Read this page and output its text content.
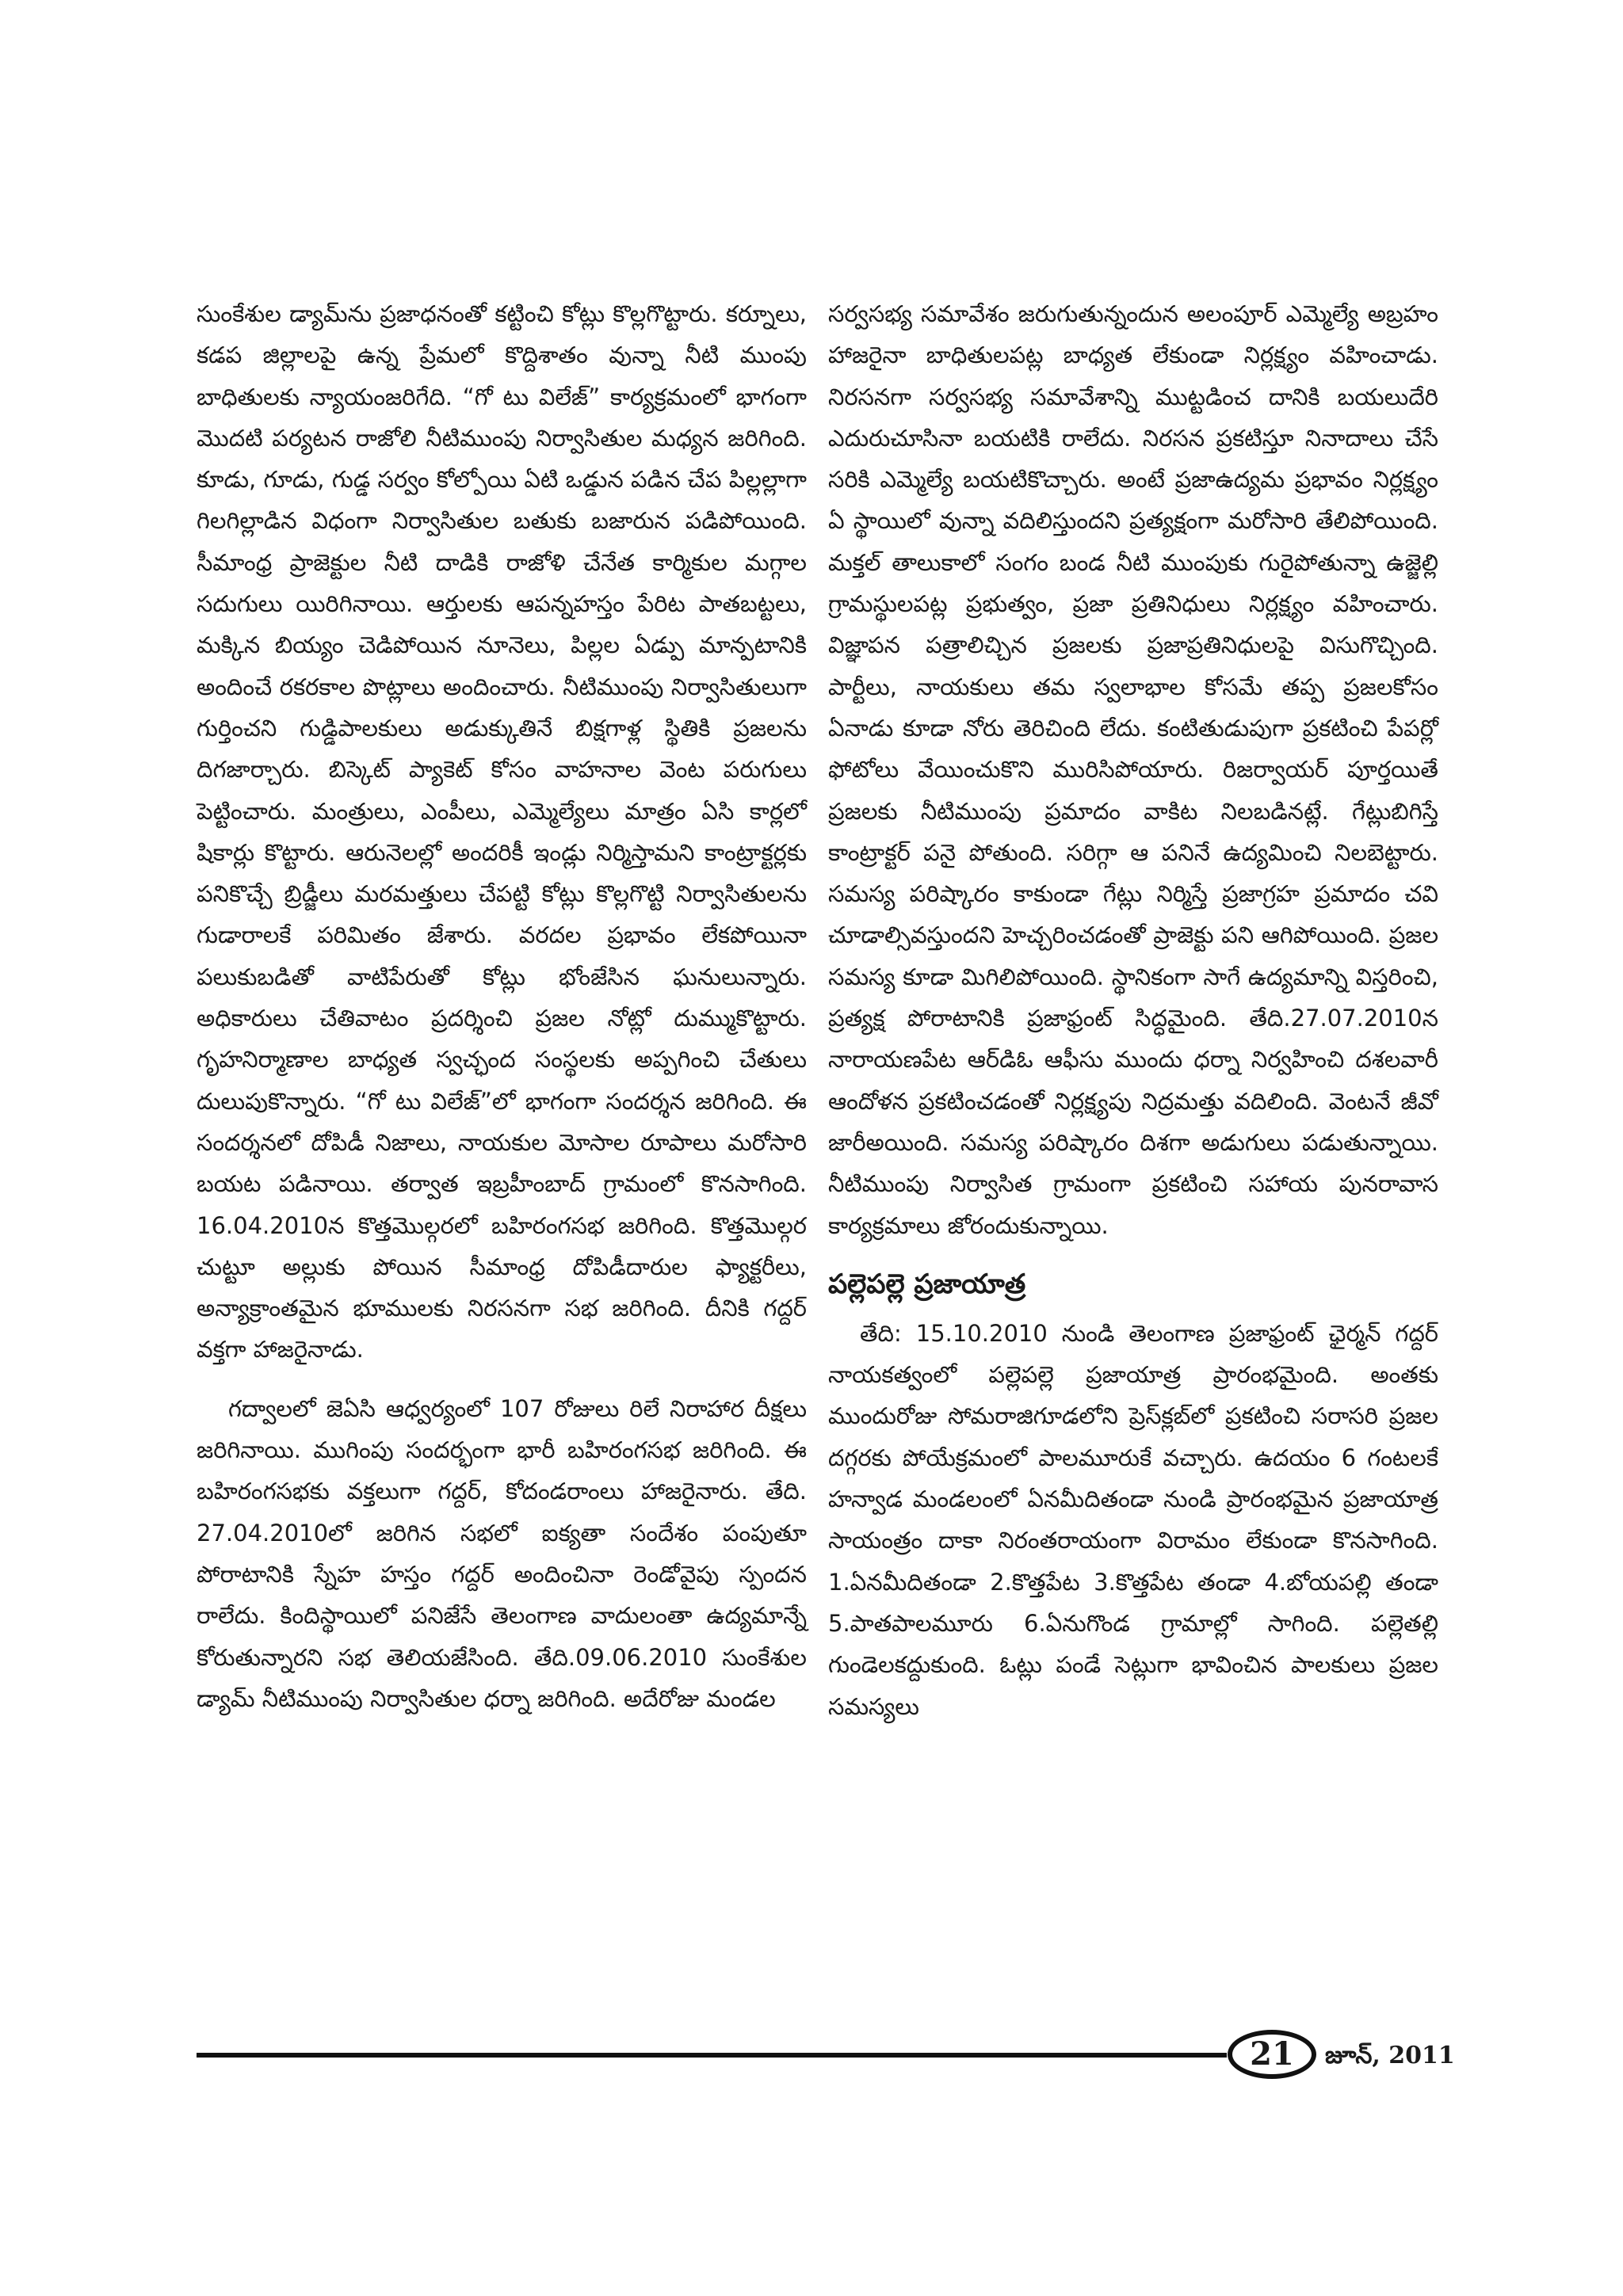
సుంకేశుల డ్యామ్‌ను ప్రజాధనంతో కట్టించి కోట్లు కొల్లగొట్టారు. కర్నూలు, కడప జిల్లాలపై ఉన్న ప్రేమలో కొద్దిశాతం వున్నా నీటి ముంపు బాధితులకు న్యాయంజరిగేది. “గో టు విలేజ్” కార్యక్రమంలో భాగంగా మొదటి పర్యటన రాజోలి నీటిముంపు నిర్వాసితుల మధ్యన జరిగింది. కూడు, గూడు, గుడ్డ సర్వం కోల్పోయి ఏటి ఒడ్డున పడిన చేప పిల్లల్లాగా గిలగిల్లాడిన విధంగా నిర్వాసితుల బతుకు బజారున పడిపోయింది. సీమాంధ్ర ప్రాజెక్టుల నీటి దాడికి రాజోళి చేనేత కార్మికుల మగ్గాల సదుగులు యిరిగినాయి. ఆర్తులకు ఆపన్నహస్తం పేరిట పాతబట్టలు, మక్కిన బియ్యం చెడిపోయిన నూనెలు, పిల్లల ఏడ్పు మాన్పటానికి అందించే రకరకాల పొట్లాలు అందించారు. నీటిముంపు నిర్వాసితులుగా గుర్తించని గుడ్డిపాలకులు అడుక్కుతినే బిక్షగాళ్ల స్థితికి ప్రజలను దిగజార్చారు. బిస్కెట్ ప్యాకెట్ కోసం వాహనాల వెంట పరుగులు పెట్టించారు. మంత్రులు, ఎంపీలు, ఎమ్మెల్యేలు మాత్రం ఏసి కార్లలో షికార్లు కొట్టారు. ఆరునెలల్లో అందరికీ ఇండ్లు నిర్మిస్తామని కాంట్రాక్టర్లకు పనికొచ్చే బ్రిడ్జీలు మరమత్తులు చేపట్టి కోట్లు కొల్లగొట్టి నిర్వాసితులను గుడారాలకే పరిమితం జేశారు. వరదల ప్రభావం లేకపోయినా పలుకుబడితో వాటిపేరుతో కోట్లు భోంజేసిన ఘనులున్నారు. అధికారులు చేతివాటం ప్రదర్శించి ప్రజల నోట్లో దుమ్ముకొట్టారు. గృహనిర్మాణాల బాధ్యత స్వచ్ఛంద సంస్థలకు అప్పగించి చేతులు దులుపుకొన్నారు. “గో టు విలేజ్”లో భాగంగా సందర్శన జరిగింది. ఈ సందర్శనలో దోపిడీ నిజాలు, నాయకుల మోసాల రూపాలు మరోసారి బయట పడినాయి. తర్వాత ఇబ్రహీంబాద్ గ్రామంలో కొనసాగింది. 16.04.2010న కొత్తమొల్గరలో బహిరంగసభ జరిగింది. కొత్తమొల్గర చుట్టూ అల్లుకు పోయిన సీమాంధ్ర దోపిడీదారుల ఫ్యాక్టరీలు, అన్యాక్రాంతమైన భూములకు నిరసనగా సభ జరిగింది. దీనికి గద్దర్ వక్తగా హాజరైనాడు.

గద్వాలలో జెఏసి ఆధ్వర్యంలో 107 రోజులు రిలే నిరాహార దీక్షలు జరిగినాయి. ముగింపు సందర్భంగా భారీ బహిరంగసభ జరిగింది. ఈ బహిరంగసభకు వక్తలుగా గద్దర్, కోదండరాంలు హాజరైనారు. తేది. 27.04.2010లో జరిగిన సభలో ఐక్యతా సందేశం పంపుతూ పోరాటానికి స్నేహ హస్తం గద్దర్ అందించినా రెండోవైపు స్పందన రాలేదు. కిందిస్థాయిలో పనిజేసే తెలంగాణ వాదులంతా ఉద్యమాన్నే కోరుతున్నారని సభ తెలియజేసింది. తేది.09.06.2010 సుంకేశుల డ్యామ్ నీటిముంపు నిర్వాసితుల ధర్నా జరిగింది. అదేరోజు మండల

సర్వసభ్య సమావేశం జరుగుతున్నందున అలంపూర్ ఎమ్మెల్యే అబ్రహం హాజరైనా బాధితులపట్ల బాధ్యత లేకుండా నిర్లక్ష్యం వహించాడు. నిరసనగా సర్వసభ్య సమావేశాన్ని ముట్టడించ దానికి బయలుదేరి ఎదురుచూసినా బయటికి రాలేదు. నిరసన ప్రకటిస్తూ నినాదాలు చేసే సరికి ఎమ్మెల్యే బయటికొచ్చారు. అంటే ప్రజాఉద్యమ ప్రభావం నిర్లక్ష్యం ఏ స్థాయిలో వున్నా వదిలిస్తుందని ప్రత్యక్షంగా మరోసారి తేలిపోయింది. మక్తల్ తాలుకాలో సంగం బండ నీటి ముంపుకు గురైపోతున్నా ఉజ్జెల్లి గ్రామస్థులపట్ల ప్రభుత్వం, ప్రజా ప్రతినిధులు నిర్లక్ష్యం వహించారు. విజ్ఞాపన పత్రాలిచ్చిన ప్రజలకు ప్రజాప్రతినిధులపై విసుగొచ్చింది. పార్టీలు, నాయకులు తమ స్వలాభాల కోసమే తప్ప ప్రజలకోసం ఏనాడు కూడా నోరు తెరిచింది లేదు. కంటితుడుపుగా ప్రకటించి పేపర్లో ఫోటోలు వేయించుకొని మురిసిపోయారు. రిజర్వాయర్ పూర్తయితే ప్రజలకు నీటిముంపు ప్రమాదం వాకిట నిలబడినట్లే. గేట్లుబిగిస్తే కాంట్రాక్టర్ పనై పోతుంది. సరిగ్గా ఆ పనినే ఉద్యమించి నిలబెట్టారు. సమస్య పరిష్కారం కాకుండా గేట్లు నిర్మిస్తే ప్రజాగ్రహ ప్రమాదం చవి చూడాల్సివస్తుందని హెచ్చరించడంతో ప్రాజెక్టు పని ఆగిపోయింది. ప్రజల సమస్య కూడా మిగిలిపోయింది. స్థానికంగా సాగే ఉద్యమాన్ని విస్తరించి, ప్రత్యక్ష పోరాటానికి ప్రజాఫ్రంట్ సిద్ధమైంది. తేది.27.07.2010న నారాయణపేట ఆర్‌డిఓ ఆఫీసు ముందు ధర్నా నిర్వహించి దశలవారీ ఆందోళన ప్రకటించడంతో నిర్లక్ష్యపు నిద్రమత్తు వదిలింది. వెంటనే జీవో జారీఅయింది. సమస్య పరిష్కారం దిశగా అడుగులు పడుతున్నాయి. నీటిముంపు నిర్వాసిత గ్రామంగా ప్రకటించి సహాయ పునరావాస కార్యక్రమాలు జోరందుకున్నాయి.

పల్లెపల్లె ప్రజాయాత్ర

తేది: 15.10.2010 నుండి తెలంగాణ ప్రజాఫ్రంట్ ఛైర్మన్ గద్దర్ నాయకత్వంలో పల్లెపల్లె ప్రజాయాత్ర ప్రారంభమైంది. అంతకు ముందురోజు సోమరాజిగూడలోని ప్రెస్‌క్లబ్‌లో ప్రకటించి సరాసరి ప్రజల దగ్గరకు పోయేక్రమంలో పాలమూరుకే వచ్చారు. ఉదయం 6 గంటలకే హన్వాడ మండలంలో ఏనమీదితండా నుండి ప్రారంభమైన ప్రజాయాత్ర సాయంత్రం దాకా నిరంతరాయంగా విరామం లేకుండా కొనసాగింది. 1.ఏనమీదితండా 2.కొత్తపేట 3.కొత్తపేట తండా 4.బోయపల్లి తండా 5.పాతపాలమూరు 6.ఏనుగొండ గ్రామాల్లో సాగింది. పల్లెతల్లి గుండెలకద్దుకుంది. ఓట్లు పండే సెట్లుగా భావించిన పాలకులు ప్రజల సమస్యలు

21 జూన్, 2011
